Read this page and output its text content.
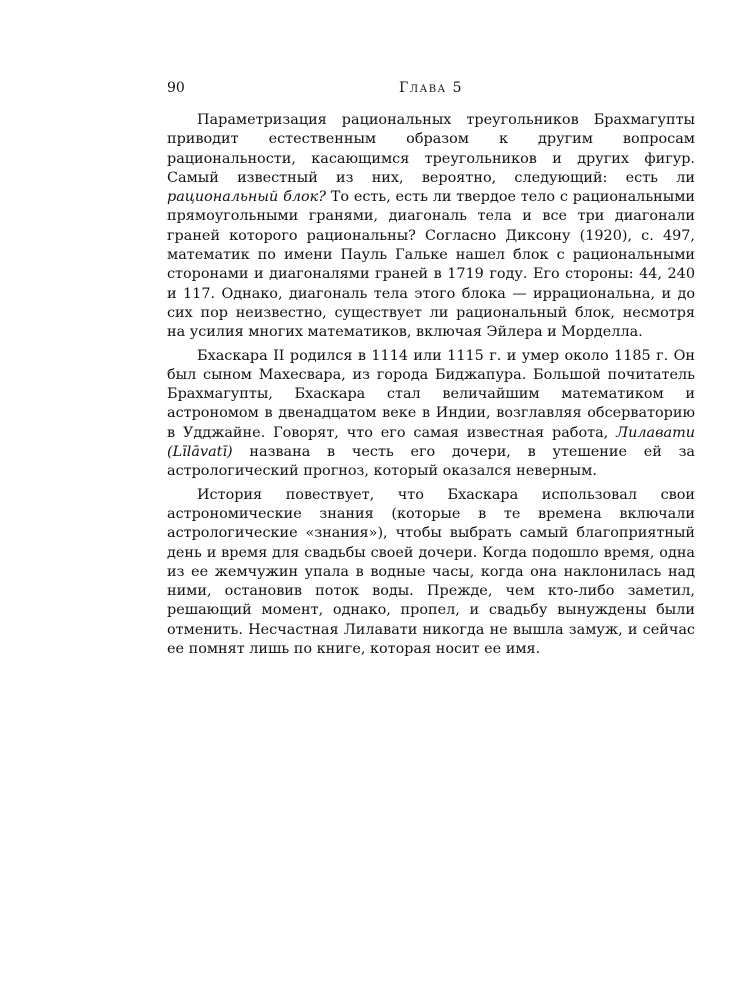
90	Глава 5

Параметризация рациональных треугольников Брахмагупты приводит естественным образом к другим вопросам рациональности, касающимся треугольников и других фигур. Самый известный из них, вероятно, следующий: есть ли рациональный блок? То есть, есть ли твердое тело с рациональными прямоугольными гранями, диагональ тела и все три диагонали граней которого рациональны? Согласно Диксону (1920), с. 497, математик по имени Пауль Гальке нашел блок с рациональными сторонами и диагоналями граней в 1719 году. Его стороны: 44, 240 и 117. Однако, диагональ тела этого блока — иррациональна, и до сих пор неизвестно, существует ли рациональный блок, несмотря на усилия многих математиков, включая Эйлера и Морделла.

Бхаскара II родился в 1114 или 1115 г. и умер около 1185 г. Он был сыном Махесвара, из города Биджапура. Большой почитатель Брахмагупты, Бхаскара стал величайшим математиком и астрономом в двенадцатом веке в Индии, возглавляя обсерваторию в Удджайне. Говорят, что его самая известная работа, Лилавати (Līlāvatī) названа в честь его дочери, в утешение ей за астрологический прогноз, который оказался неверным.

История повествует, что Бхаскара использовал свои астрономические знания (которые в те времена включали астрологические «знания»), чтобы выбрать самый благоприятный день и время для свадьбы своей дочери. Когда подошло время, одна из ее жемчужин упала в водные часы, когда она наклонилась над ними, остановив поток воды. Прежде, чем кто-либо заметил, решающий момент, однако, пропел, и свадьбу вынуждены были отменить. Несчастная Лилавати никогда не вышла замуж, и сейчас ее помнят лишь по книге, которая носит ее имя.
